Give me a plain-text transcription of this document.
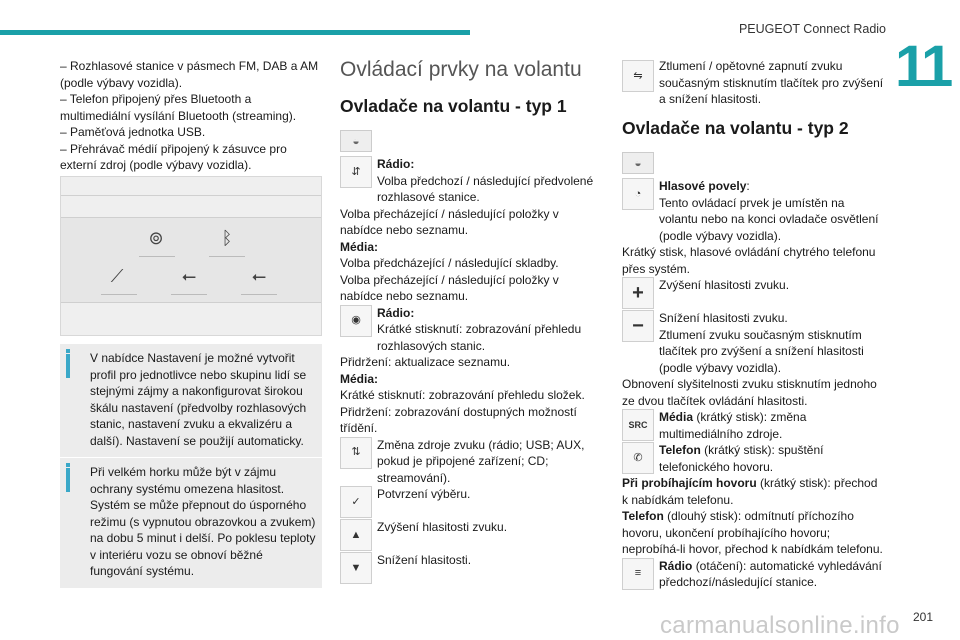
PEUGEOT Connect Radio
11

– Rozhlasové stanice v pásmech FM, DAB a AM (podle výbavy vozidla).

– Telefon připojený přes Bluetooth a multimediální vysílání Bluetooth (streaming).

– Paměťová jednotka USB.

– Přehrávač médií připojený k zásuvce pro externí zdroj (podle výbavy vozidla).

⊚	ᛒ
⟋	⭠	⭠

V nabídce Nastavení je možné vytvořit profil pro jednotlivce nebo skupinu lidí se stejnými zájmy a nakonfigurovat širokou škálu nastavení (předvolby rozhlasových stanic, nastavení zvuku a ekvalizéru a další). Nastavení se použijí automaticky.

Při velkém horku může být v zájmu ochrany systému omezena hlasitost. Systém se může přepnout do úsporného režimu (s vypnutou obrazovkou a zvukem) na dobu 5 minut i delší. Po poklesu teploty v interiéru vozu se obnoví běžné fungování systému.

Ovládací prvky na volantu
Ovladače na volantu - typ 1
◒
⇵

Rádio:

Volba předchozí / následující předvolené rozhlasové stanice.

Volba přecházející / následující položky v nabídce nebo seznamu.

Média:

Volba předcházející / následující skladby.

Volba přecházející / následující položky v nabídce nebo seznamu.

◉

Rádio:

Krátké stisknutí: zobrazování přehledu rozhlasových stanic.

Přidržení: aktualizace seznamu.

Média:

Krátké stisknutí: zobrazování přehledu složek.

Přidržení: zobrazování dostupných možností třídění.

⇅

Změna zdroje zvuku (rádio; USB; AUX, pokud je připojené zařízení; CD; streamování).

✓

Potvrzení výběru.

▲

Zvýšení hlasitosti zvuku.

▼

Snížení hlasitosti.

⇋

Ztlumení / opětovné zapnutí zvuku současným stisknutím tlačítek pro zvýšení a snížení hlasitosti.

Ovladače na volantu - typ 2
◒
◔

Hlasové povely:

Tento ovládací prvek je umístěn na volantu nebo na konci ovladače osvětlení (podle výbavy vozidla).

Krátký stisk, hlasové ovládání chytrého telefonu přes systém.

+	Zvýšení hlasitosti zvuku.

−	Snížení hlasitosti zvuku.

Ztlumení zvuku současným stisknutím tlačítek pro zvýšení a snížení hlasitosti (podle výbavy vozidla).

Obnovení slyšitelnosti zvuku stisknutím jednoho ze dvou tlačítek ovládání hlasitosti.

SRC

Média (krátký stisk): změna multimediálního zdroje.

✆

Telefon (krátký stisk): spuštění telefonického hovoru.

Při probíhajícím hovoru (krátký stisk): přechod k nabídkám telefonu.

Telefon (dlouhý stisk): odmítnutí příchozího hovoru, ukončení probíhajícího hovoru; neprobíhá-li hovor, přechod k nabídkám telefonu.

≡

Rádio (otáčení): automatické vyhledávání předchozí/následující stanice.

carmanualsonline.info	201
